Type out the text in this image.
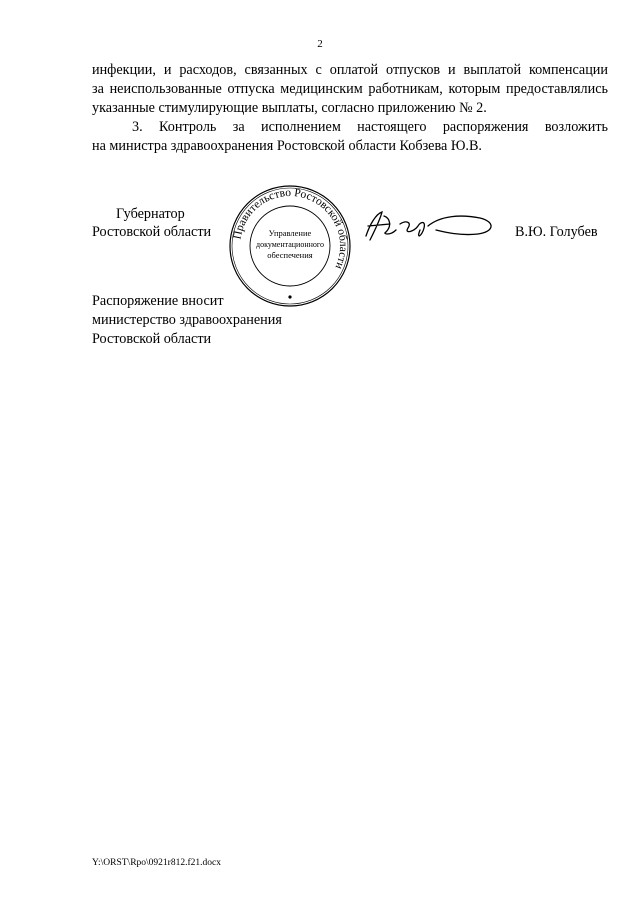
2
инфекции, и расходов, связанных с оплатой отпусков и выплатой компенсации
за неиспользованные отпуска медицинским работникам, которым предоставлялись
указанные стимулирующие выплаты, согласно приложению № 2.
3. Контроль за исполнением настоящего распоряжения возложить
на министра здравоохранения Ростовской области Кобзева Ю.В.
Губернатор
Ростовской области Правительство Ростовской области
Управление
документационного
обеспечения
В.Ю. Голубев
Распоряжение вносит
министерство здравоохранения
Ростовской области
Y:\ORST\Rpo\0921r812.f21.docx
